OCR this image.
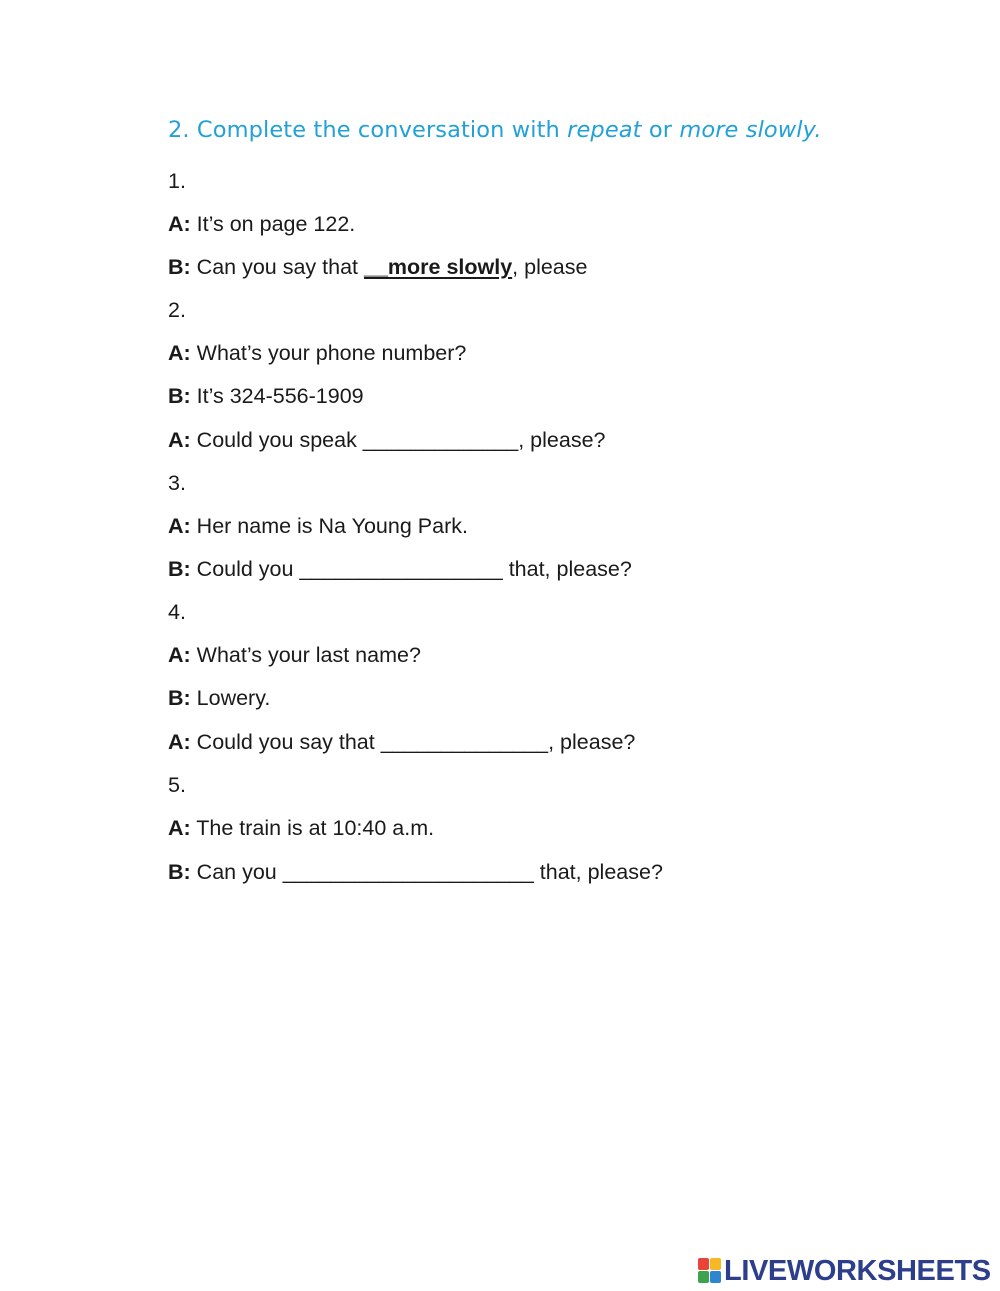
2. Complete the conversation with repeat or more slowly.
1.
A: It’s on page 122.
B: Can you say that __more slowly, please
2.
A: What’s your phone number?
B: It’s 324-556-1909
A: Could you speak _____________, please?
3.
A: Her name is Na Young Park.
B: Could you _________________ that, please?
4.
A: What’s your last name?
B: Lowery.
A: Could you say that ______________, please?
5.
A: The train is at 10:40 a.m.
B: Can you _____________________ that, please?
LIVEWORKSHEETS
